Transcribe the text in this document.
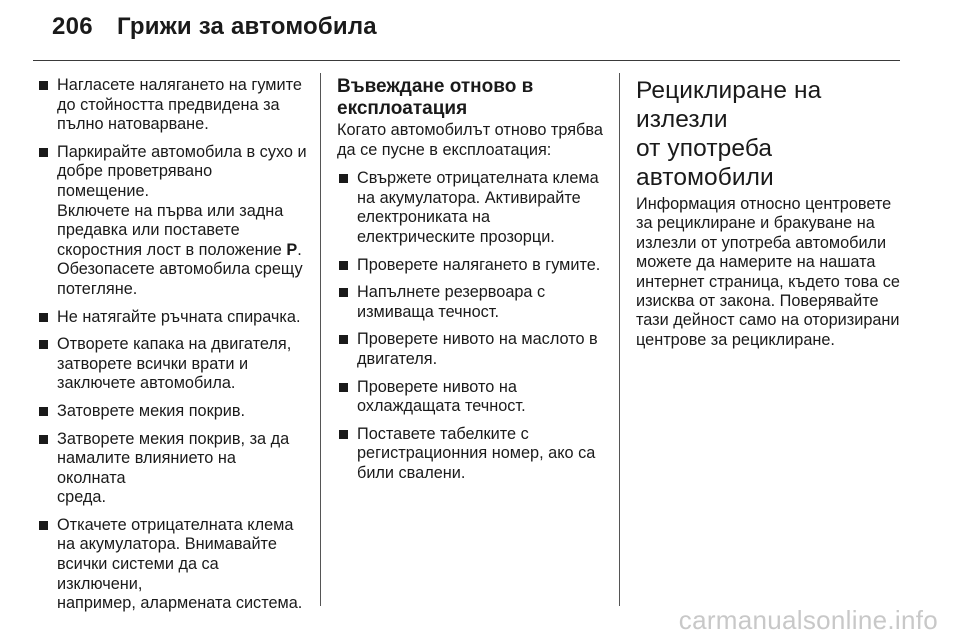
206 Грижи за автомобила
Нагласете налягането на гумите
до стойността предвидена за
пълно натоварване.
Паркирайте автомобила в сухо и
добре проветрявано помещение.
Включете на първа или задна
предавка или поставете
скоростния лост в положение P.
Обезопасете автомобила срещу
потегляне.
Не натягайте ръчната спирачка.
Отворете капака на двигателя,
затворете всички врати и
заключете автомобила.
Затоврете мекия покрив.
Затворете мекия покрив, за да
намалите влиянието на околната
среда.
Откачете отрицателната клема
на акумулатора. Внимавайте
всички системи да са изключени,
например, алармената система.
Въвеждане отново в
експлоатация
Когато автомобилът отново трябва
да се пусне в експлоатация:
Свържете отрицателната клема
на акумулатора. Активирайте
електрониката на
електрическите прозорци.
Проверете налягането в гумите.
Напълнете резервоара с
измиваща течност.
Проверете нивото на маслото в
двигателя.
Проверете нивото на
охлаждащата течност.
Поставете табелките с
регистрационния номер, ако са
били свалени.
Рециклиране на излезли
от употреба автомобили
Информация относно центровете
за рециклиране и бракуване на
излезли от употреба автомобили
можете да намерите на нашата
интернет страница, където това се
изисква от закона. Поверявайте
тази дейност само на оторизирани
центрове за рециклиране.
carmanualsonline.info
